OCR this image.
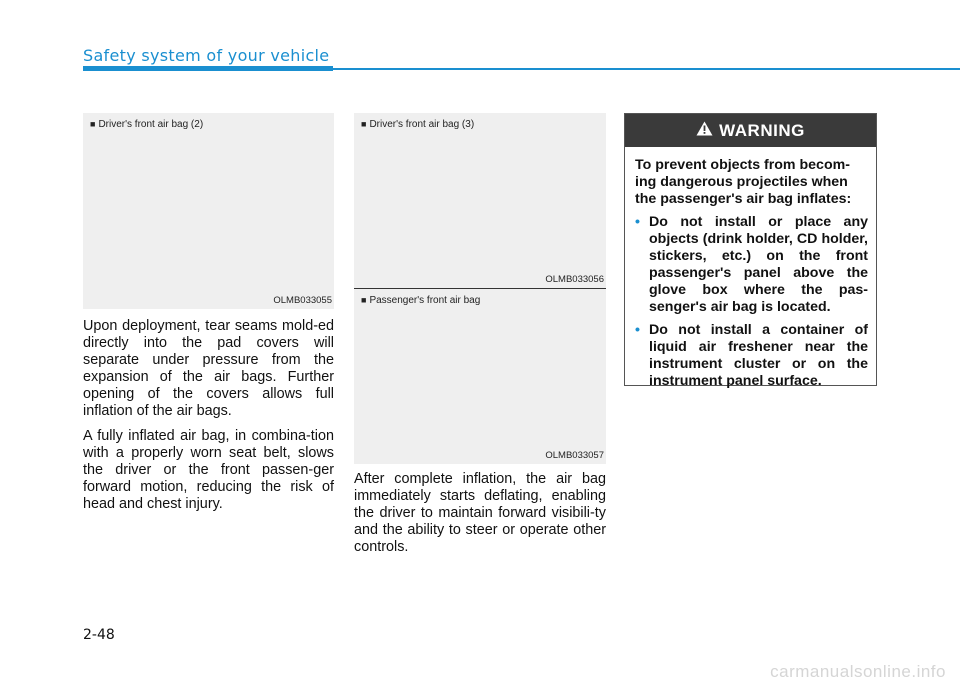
Safety system of your vehicle
■ Driver's front air bag (2)
OLMB033055
■ Driver's front air bag (3)
OLMB033056
■ Passenger's front air bag
OLMB033057

Upon deployment, tear seams mold-ed directly into the pad covers will separate under pressure from the expansion of the air bags. Further opening of the covers allows full inflation of the air bags.

A fully inflated air bag, in combina-tion with a properly worn seat belt, slows the driver or the front passen-ger forward motion, reducing the risk of head and chest injury.

After complete inflation, the air bag immediately starts deflating, enabling the driver to maintain forward visibili-ty and the ability to steer or operate other controls.

WARNING

To prevent objects from becom-ing dangerous projectiles when the passenger's air bag inflates:

• Do not install or place any objects (drink holder, CD holder, stickers, etc.) on the front passenger's panel above the glove box where the pas-senger's air bag is located.
• Do not install a container of liquid air freshener near the instrument cluster or on the instrument panel surface.
2-48
carmanualsonline.info
